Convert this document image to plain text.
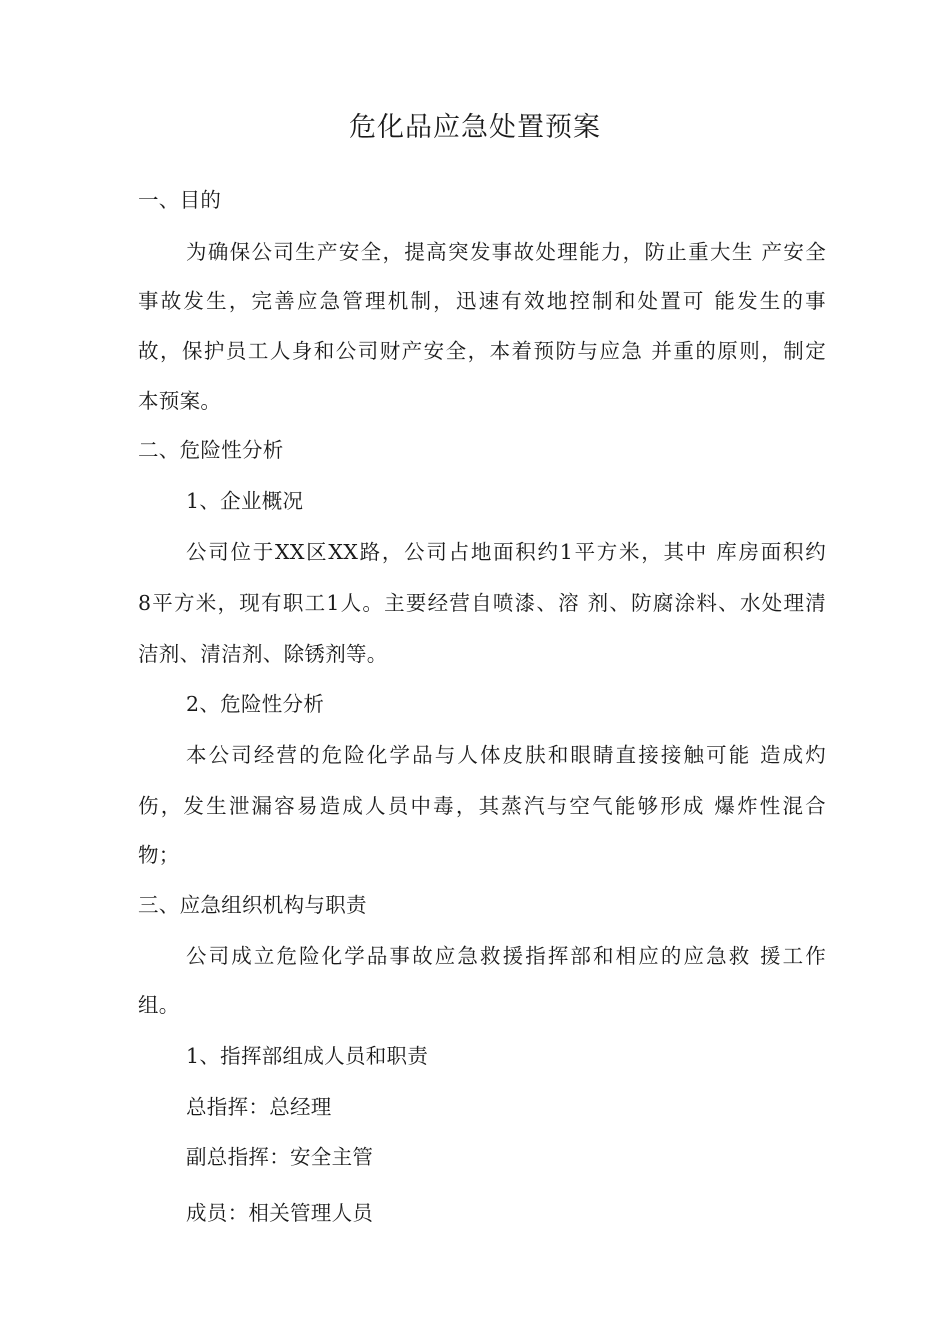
危化品应急处置预案
一、目的
为确保公司生产安全，提高突发事故处理能力，防止重大生 产安全
事故发生，完善应急管理机制，迅速有效地控制和处置可 能发生的事
故，保护员工人身和公司财产安全，本着预防与应急 并重的原则，制定
本预案。
二、危险性分析
1、企业概况
公司位于XX区XX路，公司占地面积约1平方米，其中 库房面积约
8平方米，现有职工1人。主要经营自喷漆、溶 剂、防腐涂料、水处理清
洁剂、清洁剂、除锈剂等。
2、危险性分析
本公司经营的危险化学品与人体皮肤和眼睛直接接触可能 造成灼
伤，发生泄漏容易造成人员中毒，其蒸汽与空气能够形成 爆炸性混合
物；
三、应急组织机构与职责
公司成立危险化学品事故应急救援指挥部和相应的应急救 援工作
组。
1、指挥部组成人员和职责
总指挥：总经理
副总指挥：安全主管
成员：相关管理人员
